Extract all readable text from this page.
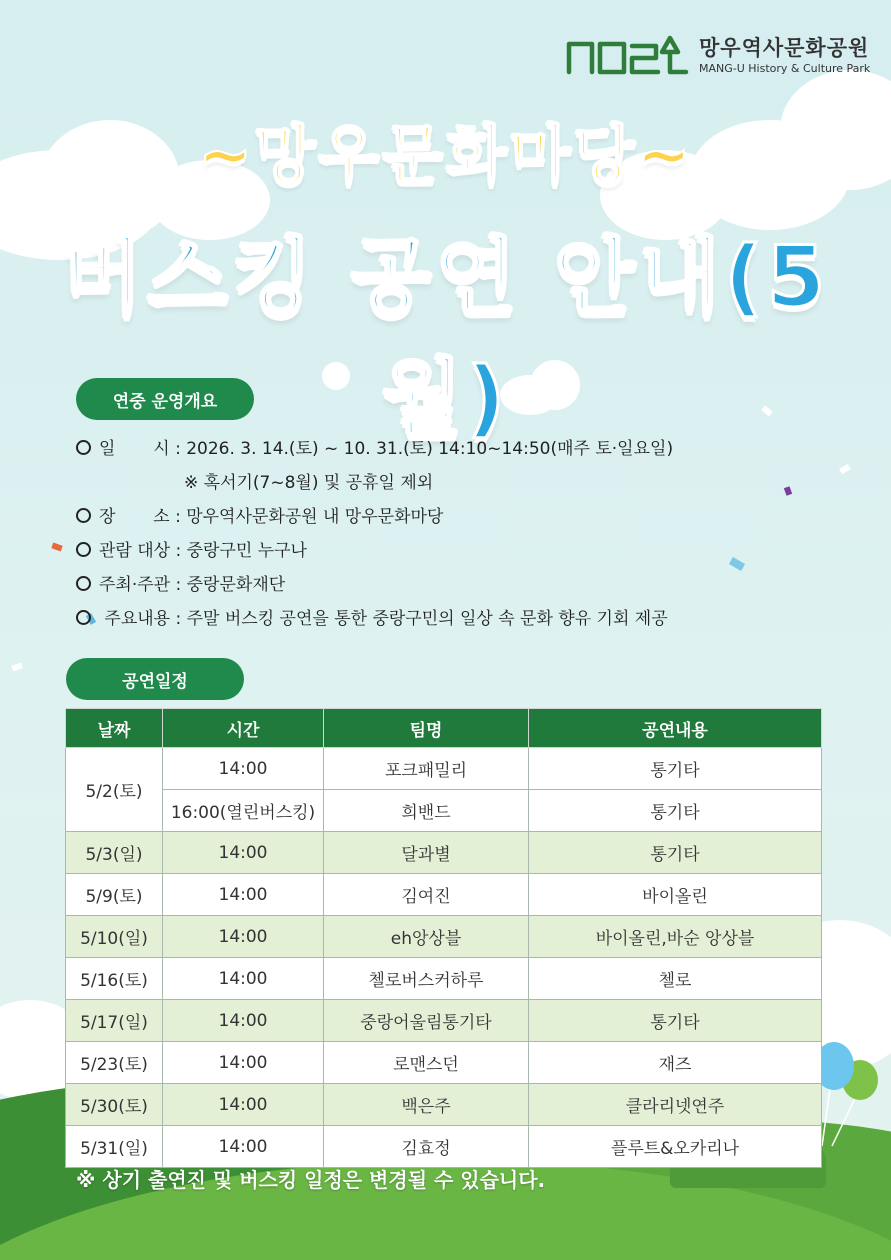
망우역사문화공원
MANG-U History & Culture Park
~망우문화마당~
버스킹 공연 안내(5월)
연중 운영개요
일       시 : 2026. 3. 14.(토) ~ 10. 31.(토) 14:10~14:50(매주 토·일요일)
※ 혹서기(7~8월) 및 공휴일 제외
장       소 : 망우역사문화공원 내 망우문화마당
관람 대상 : 중랑구민 누구나
주최·주관 : 중랑문화재단
주요내용 : 주말 버스킹 공연을 통한 중랑구민의 일상 속 문화 향유 기회 제공
공연일정
날짜	시간	팀명	공연내용
5/2(토)	14:00	포크패밀리	통기타
	16:00(열린버스킹)	희밴드	통기타
5/3(일)	14:00	달과별	통기타
5/9(토)	14:00	김여진	바이올린
5/10(일)	14:00	eh앙상블	바이올린,바순 앙상블
5/16(토)	14:00	첼로버스커하루	첼로
5/17(일)	14:00	중랑어울림통기타	통기타
5/23(토)	14:00	로맨스던	재즈
5/30(토)	14:00	백은주	클라리넷연주
5/31(일)	14:00	김효정	플루트&오카리나
※ 상기 출연진 및 버스킹 일정은 변경될 수 있습니다.
